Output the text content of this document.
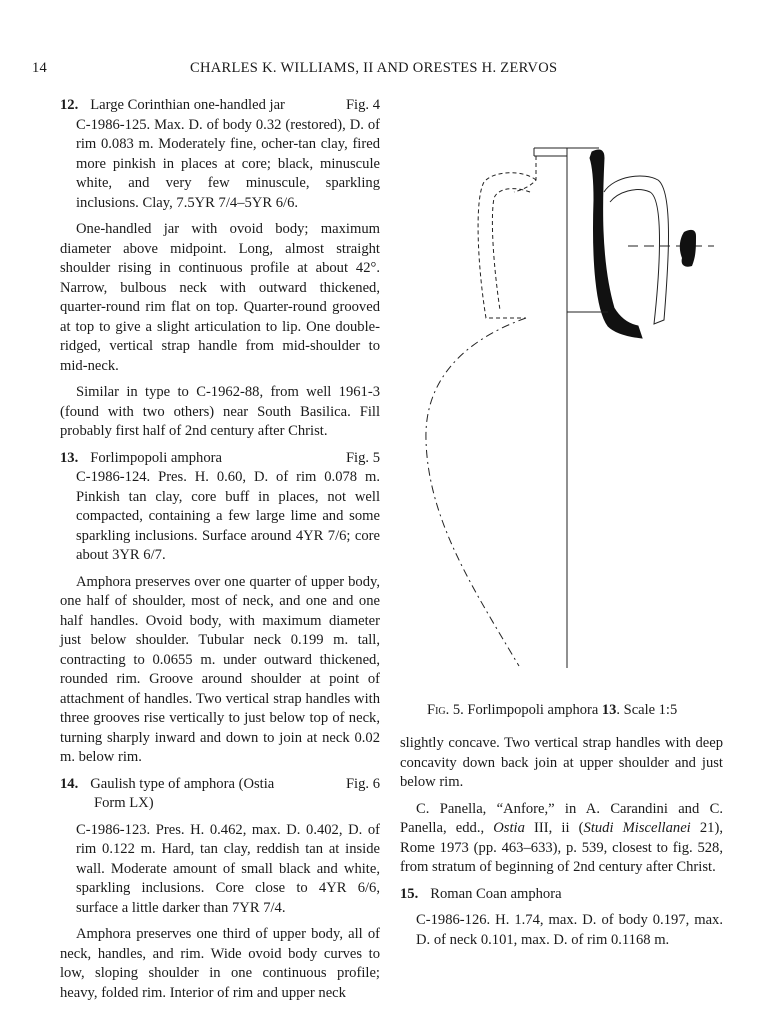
14	CHARLES K. WILLIAMS, II AND ORESTES H. ZERVOS
12. Large Corinthian one-handled jar	Fig. 4

C-1986-125. Max. D. of body 0.32 (restored), D. of rim 0.083 m. Moderately fine, ocher-tan clay, fired more pinkish in places at core; black, minuscule white, and very few minuscule, sparkling inclusions. Clay, 7.5YR 7/4–5YR 6/6.

One-handled jar with ovoid body; maximum diameter above midpoint. Long, almost straight shoulder rising in continuous profile at about 42°. Narrow, bulbous neck with outward thickened, quarter-round rim flat on top. Quarter-round grooved at top to give a slight articulation to lip. One double-ridged, vertical strap handle from mid-shoulder to mid-neck.

Similar in type to C-1962-88, from well 1961-3 (found with two others) near South Basilica. Fill probably first half of 2nd century after Christ.

13. Forlimpopoli amphora	Fig. 5

C-1986-124. Pres. H. 0.60, D. of rim 0.078 m. Pinkish tan clay, core buff in places, not well compacted, containing a few large lime and some sparkling inclusions. Surface around 4YR 7/6; core about 3YR 6/7.

Amphora preserves over one quarter of upper body, one half of shoulder, most of neck, and one and one half handles. Ovoid body, with maximum diameter just below shoulder. Tubular neck 0.199 m. tall, contracting to 0.0655 m. under outward thickened, rounded rim. Groove around shoulder at point of attachment of handles. Two vertical strap handles with three grooves rise vertically to just below top of neck, turning sharply inward and down to join at neck 0.02 m. below rim.

14. Gaulish type of amphora (Ostia	Fig. 6

Form LX)

C-1986-123. Pres. H. 0.462, max. D. 0.402, D. of rim 0.122 m. Hard, tan clay, reddish tan at inside wall. Moderate amount of small black and white, sparkling inclusions. Core close to 4YR 6/6, surface a little darker than 7YR 7/4.

Amphora preserves one third of upper body, all of neck, handles, and rim. Wide ovoid body curves to low, sloping shoulder in one continuous profile; heavy, folded rim. Interior of rim and upper neck

Fig. 5. Forlimpopoli amphora 13. Scale 1:5

slightly concave. Two vertical strap handles with deep concavity down back join at upper shoulder and just below rim.

C. Panella, “Anfore,” in A. Carandini and C. Panella, edd., Ostia III, ii (Studi Miscellanei 21), Rome 1973 (pp. 463–633), p. 539, closest to fig. 528, from stratum of beginning of 2nd century after Christ.

15. Roman Coan amphora

C-1986-126. H. 1.74, max. D. of body 0.197, max. D. of neck 0.101, max. D. of rim 0.1168 m.
